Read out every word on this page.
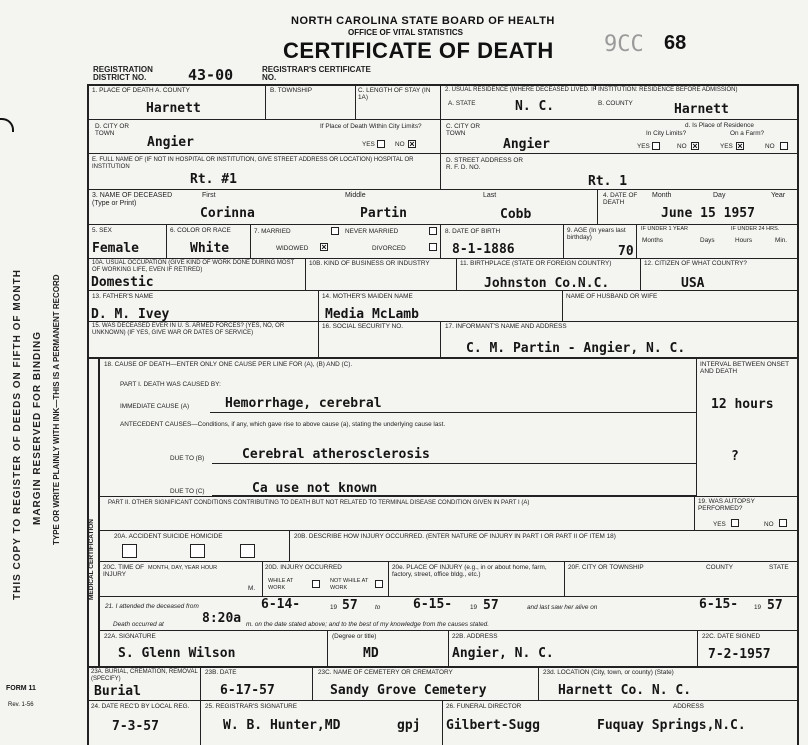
THIS COPY TO REGISTER OF DEEDS ON FIFTH OF MONTH MARGIN RESERVED FOR BINDING TYPE OR WRITE PLAINLY WITH INK—THIS IS A PERMANENT RECORD
FORM 11
Rev. 1-56
NORTH CAROLINA STATE BOARD OF HEALTH
OFFICE OF VITAL STATISTICS
CERTIFICATE OF DEATH 9CC 68
REGISTRATION DISTRICT NO.	43-00	REGISTRAR'S CERTIFICATE NO.
1. PLACE OF DEATH A. COUNTY
Harnett
B. TOWNSHIP	C. LENGTH OF STAY (IN 1A)
2. USUAL RESIDENCE (WHERE DECEASED LIVED. IF INSTITUTION: RESIDENCE BEFORE ADMISSION)
A. STATE	N. C.	B. COUNTY	Harnett
D. CITY OR TOWN
Angier
If Place of Death Within City Limits?
YES	NO ×
C. CITY OR TOWN
Angier
d. Is Place of Residence
In City Limits?	On a Farm?
YES	NO ×	YES ×	NO
E. FULL NAME OF (IF NOT IN HOSPITAL OR INSTITUTION, GIVE STREET ADDRESS OR LOCATION) HOSPITAL OR INSTITUTION
Rt. #1
D. STREET ADDRESS OR R. F. D. NO.
Rt. 1
3. NAME OF DECEASED (Type or Print)
First	Middle	Last
Corinna	Partin	Cobb
4. DATE OF DEATH
Month	Day	Year
June 15 1957
5. SEX
Female
6. COLOR OR RACE
White
7. MARRIED	NEVER MARRIED
WIDOWED ×	DIVORCED
8. DATE OF BIRTH
8-1-1886
9. AGE (In years last birthday)
70
IF UNDER 1 YEAR	IF UNDER 24 HRS.
Months	Days	Hours	Min.
10A. USUAL OCCUPATION (GIVE KIND OF WORK DONE DURING MOST OF WORKING LIFE, EVEN IF RETIRED)
Domestic
10B. KIND OF BUSINESS OR INDUSTRY	11. BIRTHPLACE (STATE OR FOREIGN COUNTRY)
Johnston Co.N.C.
12. CITIZEN OF WHAT COUNTRY?
USA
13. FATHER'S NAME
D. M. Ivey
14. MOTHER'S MAIDEN NAME
Media McLamb
NAME OF HUSBAND OR WIFE
15. WAS DECEASED EVER IN U. S. ARMED FORCES? (YES, NO, OR UNKNOWN) (IF YES, GIVE WAR OR DATES OF SERVICE)
16. SOCIAL SECURITY NO.	17. INFORMANT'S NAME AND ADDRESS
C. M. Partin - Angier, N. C.
MEDICAL CERTIFICATION
18. CAUSE OF DEATH—ENTER ONLY ONE CAUSE PER LINE FOR (A), (B) AND (C).	INTERVAL BETWEEN ONSET AND DEATH
PART I. DEATH WAS CAUSED BY:
IMMEDIATE CAUSE (A)	Hemorrhage, cerebral	12 hours
ANTECEDENT CAUSES—Conditions, if any, which gave rise to above cause (a), stating the underlying cause last.
DUE TO (B)	Cerebral atherosclerosis	?
DUE TO (C)	Ca use not known
PART II. OTHER SIGNIFICANT CONDITIONS CONTRIBUTING TO DEATH BUT NOT RELATED TO TERMINAL DISEASE CONDITION GIVEN IN PART I (A)	19. WAS AUTOPSY PERFORMED?
YES	NO
20A. ACCIDENT SUICIDE HOMICIDE	20B. DESCRIBE HOW INJURY OCCURRED. (ENTER NATURE OF INJURY IN PART I OR PART II OF ITEM 18)
20C. TIME OF INJURY
MONTH, DAY, YEAR HOUR
M.
20D. INJURY OCCURRED
WHILE AT WORK
NOT WHILE AT WORK
20e. PLACE OF INJURY (e.g., in or about home, farm, factory, street, office bldg., etc.)
20F. CITY OR TOWNSHIP	COUNTY	STATE
21. I attended the deceased from	6-14-	19 57	to	6-15-	19 57	and last saw her alive on	6-15- 19 57
Death occurred at	8:20a m. on the date stated above; and to the best of my knowledge from the causes stated.
22A. SIGNATURE
S. Glenn Wilson
(Degree or title)
MD
22B. ADDRESS
Angier, N. C.
22C. DATE SIGNED
7-2-1957
23A. BURIAL, CREMATION, REMOVAL (SPECIFY)
Burial
23B. DATE
6-17-57
23C. NAME OF CEMETERY OR CREMATORY
Sandy Grove Cemetery
23d. LOCATION (City, town, or county) (State)
Harnett Co. N. C.
24. DATE REC'D BY LOCAL REG.
7-3-57
25. REGISTRAR'S SIGNATURE
W. B. Hunter,MD	gpj
26. FUNERAL DIRECTOR
Gilbert-Sugg
ADDRESS
Fuquay Springs,N.C.
